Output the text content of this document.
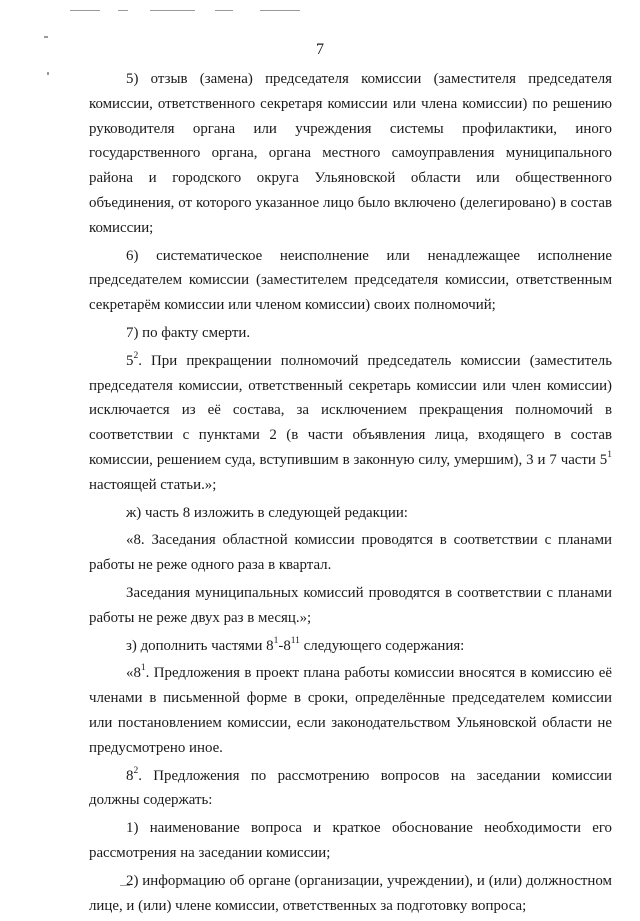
7

5) отзыв (замена) председателя комиссии (заместителя председателя комиссии, ответственного секретаря комиссии или члена комиссии) по решению руководителя органа или учреждения системы профилактики, иного государственного органа, органа местного самоуправления муниципального района и городского округа Ульяновской области или общественного объединения, от которого указанное лицо было включено (делегировано) в состав комиссии;

6) систематическое неисполнение или ненадлежащее исполнение председателем комиссии (заместителем председателя комиссии, ответственным секретарём комиссии или членом комиссии) своих полномочий;

7) по факту смерти.

$5^2$. При прекращении полномочий председатель комиссии (заместитель председателя комиссии, ответственный секретарь комиссии или член комиссии) исключается из её состава, за исключением прекращения полномочий в соответствии с пунктами 2 (в части объявления лица, входящего в состав комиссии, решением суда, вступившим в законную силу, умершим), 3 и 7 части $5^1$ настоящей статьи.»;

ж) часть 8 изложить в следующей редакции:

«8. Заседания областной комиссии проводятся в соответствии с планами работы не реже одного раза в квартал.

Заседания муниципальных комиссий проводятся в соответствии с планами работы не реже двух раз в месяц.»;

з) дополнить частями $8^1-8^{11}$ следующего содержания:

«$8^1$. Предложения в проект плана работы комиссии вносятся в комиссию её членами в письменной форме в сроки, определённые председателем комиссии или постановлением комиссии, если законодательством Ульяновской области не предусмотрено иное.

$8^2$. Предложения по рассмотрению вопросов на заседании комиссии должны содержать:

1) наименование вопроса и краткое обоснование необходимости его рассмотрения на заседании комиссии;

2) информацию об органе (организации, учреждении), и (или) должностном лице, и (или) члене комиссии, ответственных за подготовку вопроса;
